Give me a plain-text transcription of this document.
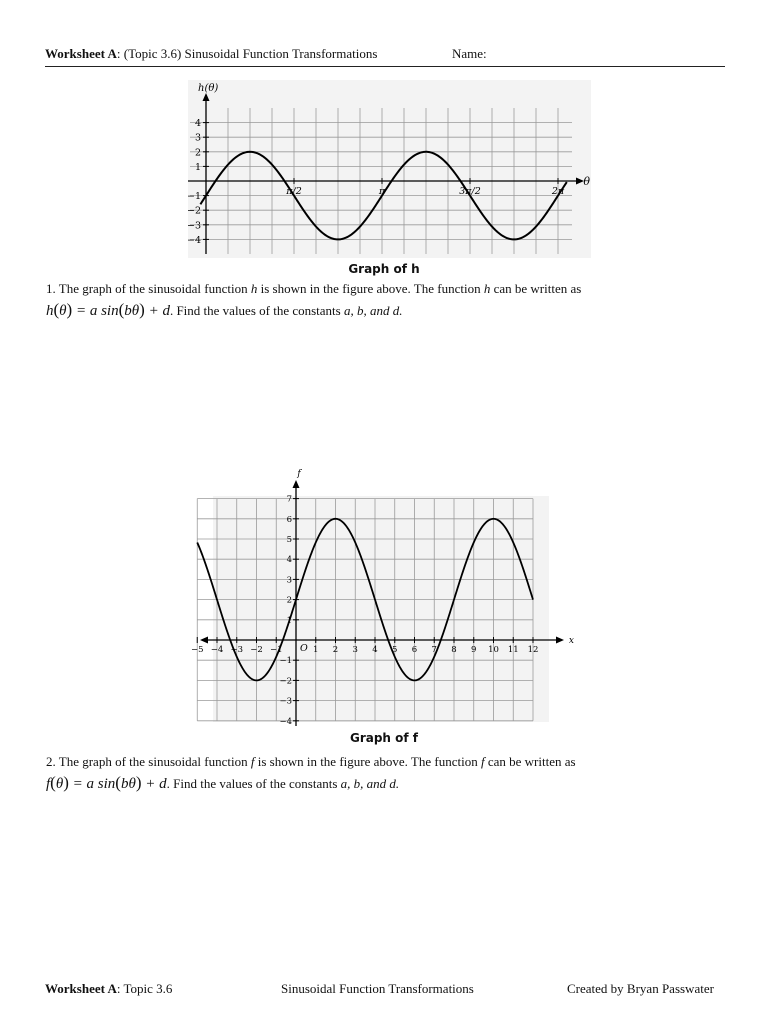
Worksheet A: (Topic 3.6) Sinusoidal Function Transformations	Name:
h(θ)
θ
−4
−3
−2
−1
1
2
3
4
π/2	π	3π/2	2π
Graph of h
1. The graph of the sinusoidal function h is shown in the figure above. The function h can be written as
h(θ) = a sin(bθ) + d. Find the values of the constants a, b, and d.
f
x
O
−4
−3
−2
−1
1
2
3
4
5
6
7
−5 −4 −3 −2 −1	1 2 3 4 5 6 7 8 9 10 11 12
Graph of f
2. The graph of the sinusoidal function f is shown in the figure above. The function f can be written as
f(θ) = a sin(bθ) + d. Find the values of the constants a, b, and d.
Worksheet A: Topic 3.6	Sinusoidal Function Transformations	Created by Bryan Passwater
